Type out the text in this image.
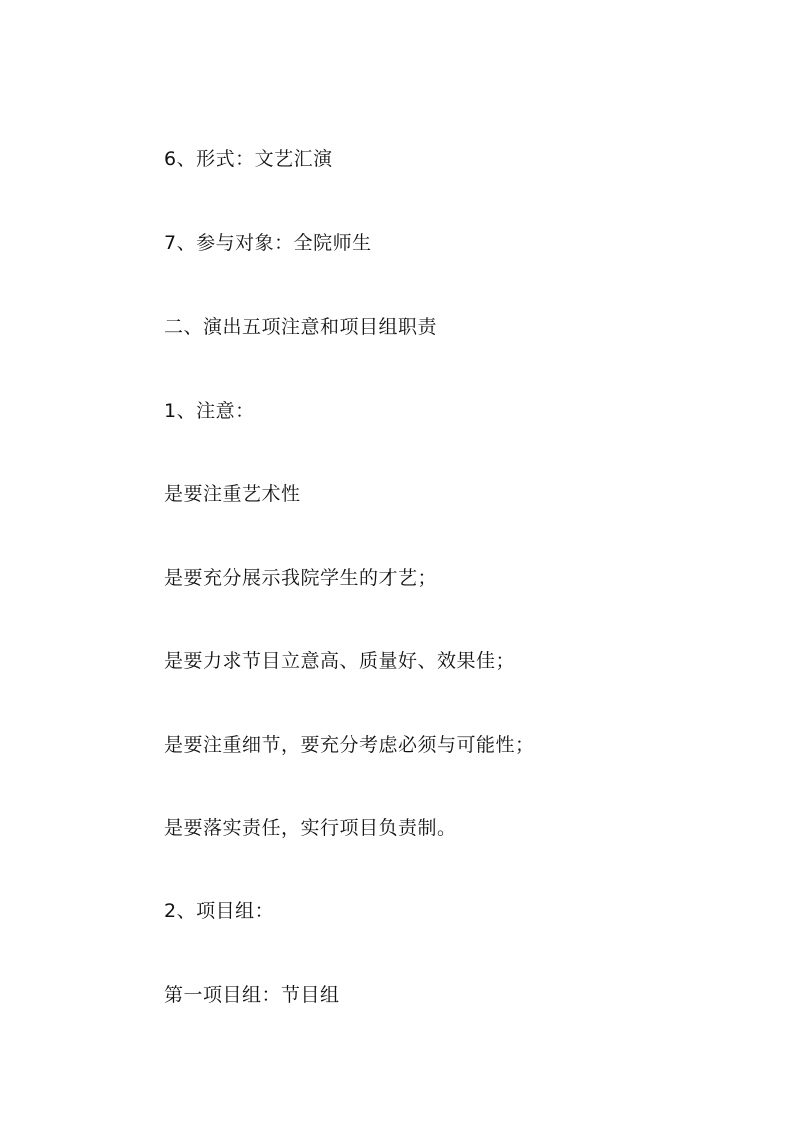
6、形式：文艺汇演
7、参与对象：全院师生
二、演出五项注意和项目组职责
1、注意：
是要注重艺术性
是要充分展示我院学生的才艺；
是要力求节目立意高、质量好、效果佳；
是要注重细节，要充分考虑必须与可能性；
是要落实责任，实行项目负责制。
2、项目组：
第一项目组：节目组
